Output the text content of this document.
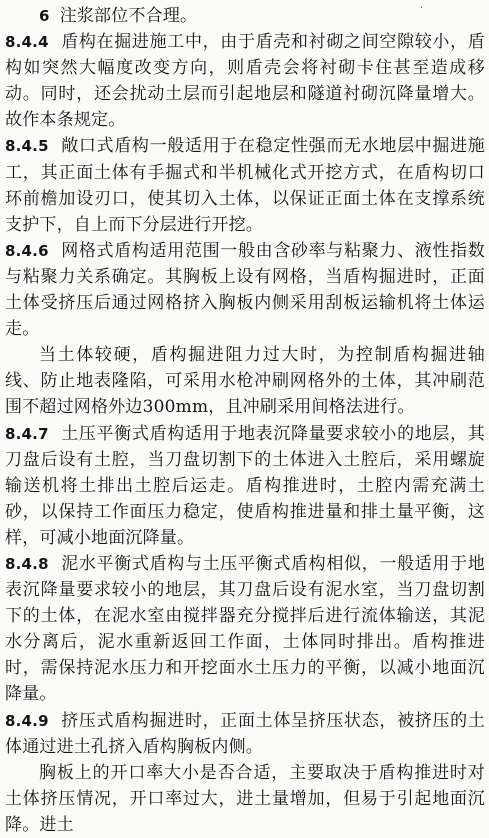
·

6 注浆部位不合理。

8.4.4 盾构在掘进施工中，由于盾壳和衬砌之间空隙较小，盾构如突然大幅度改变方向，则盾壳会将衬砌卡住甚至造成移动。同时，还会扰动土层而引起地层和隧道衬砌沉降量增大。故作本条规定。

8.4.5 敞口式盾构一般适用于在稳定性强而无水地层中掘进施工，其正面土体有手掘式和半机械化式开挖方式，在盾构切口环前檐加设刃口，使其切入土体，以保证正面土体在支撑系统支护下，自上而下分层进行开挖。

8.4.6 网格式盾构适用范围一般由含砂率与粘聚力、液性指数与粘聚力关系确定。其胸板上设有网格，当盾构掘进时，正面土体受挤压后通过网格挤入胸板内侧采用刮板运输机将土体运走。

当土体较硬，盾构掘进阻力过大时，为控制盾构掘进轴线、防止地表隆陷，可采用水枪冲刷网格外的土体，其冲刷范围不超过网格外边300mm，且冲刷采用间格法进行。

8.4.7 土压平衡式盾构适用于地表沉降量要求较小的地层，其刀盘后设有土腔，当刀盘切割下的土体进入土腔后，采用螺旋输送机将土排出土腔后运走。盾构推进时，土腔内需充满土砂，以保持工作面压力稳定，使盾构推进量和排土量平衡，这样，可减小地面沉降量。

8.4.8 泥水平衡式盾构与土压平衡式盾构相似，一般适用于地表沉降量要求较小的地层，其刀盘后设有泥水室，当刀盘切割下的土体，在泥水室由搅拌器充分搅拌后进行流体输送，其泥水分离后，泥水重新返回工作面，土体同时排出。盾构推进时，需保持泥水压力和开挖面水土压力的平衡，以减小地面沉降量。

8.4.9 挤压式盾构掘进时，正面土体呈挤压状态，被挤压的土体通过进土孔挤入盾构胸板内侧。

胸板上的开口率大小是否合适，主要取决于盾构推进时对土体挤压情况，开口率过大，进土量增加，但易于引起地面沉降。进土
